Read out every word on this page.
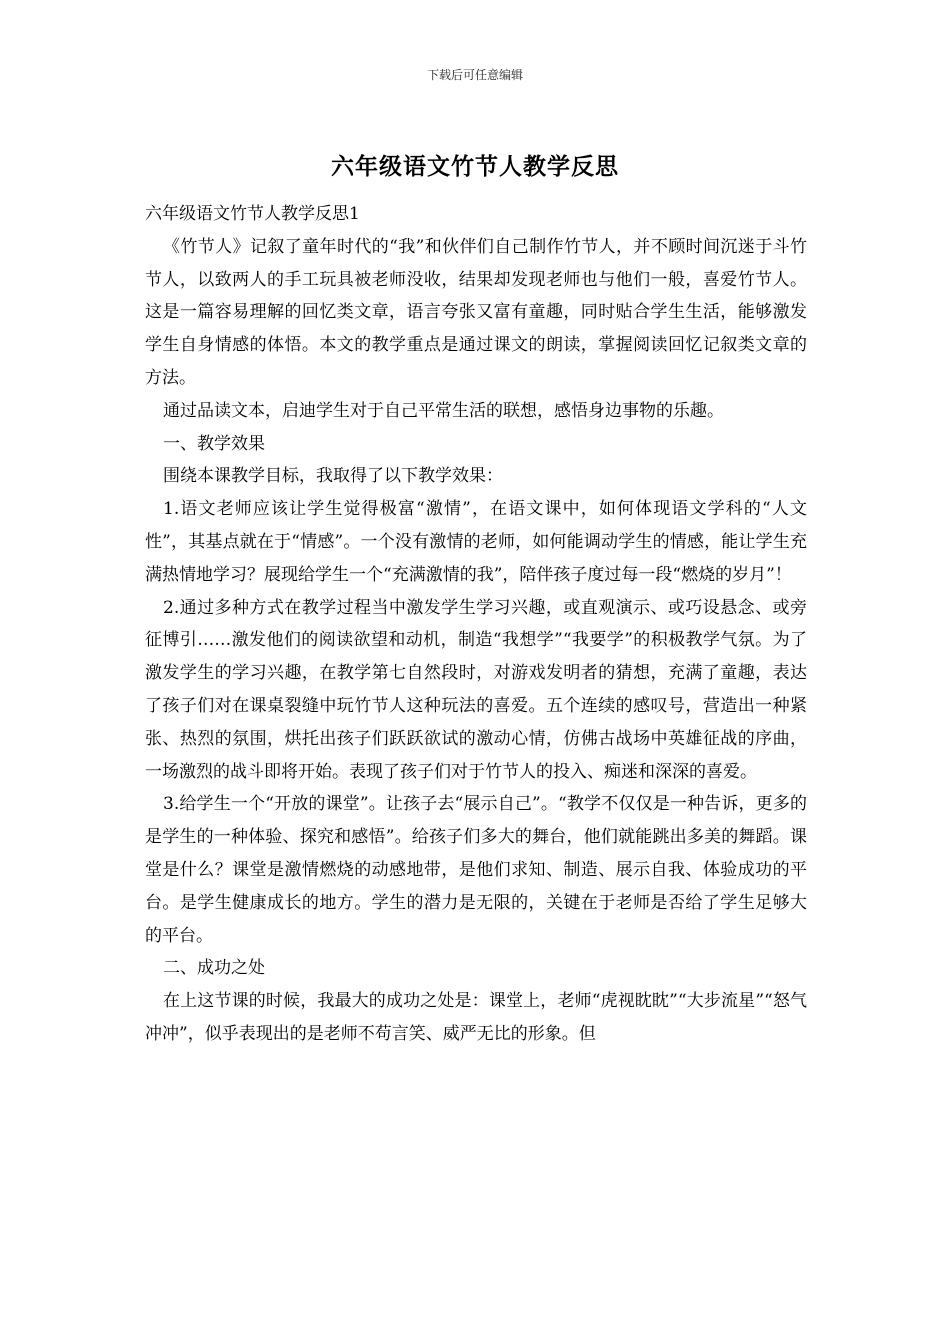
下载后可任意编辑
六年级语文竹节人教学反思

六年级语文竹节人教学反思1

《竹节人》记叙了童年时代的“我”和伙伴们自己制作竹节人，并不顾时间沉迷于斗竹节人，以致两人的手工玩具被老师没收，结果却发现老师也与他们一般，喜爱竹节人。这是一篇容易理解的回忆类文章，语言夸张又富有童趣，同时贴合学生生活，能够激发学生自身情感的体悟。本文的教学重点是通过课文的朗读，掌握阅读回忆记叙类文章的方法。

通过品读文本，启迪学生对于自己平常生活的联想，感悟身边事物的乐趣。

一、教学效果

围绕本课教学目标，我取得了以下教学效果：

1.语文老师应该让学生觉得极富“激情”，在语文课中，如何体现语文学科的“人文性”，其基点就在于“情感”。一个没有激情的老师，如何能调动学生的情感，能让学生充满热情地学习？展现给学生一个“充满激情的我”，陪伴孩子度过每一段“燃烧的岁月”！

2.通过多种方式在教学过程当中激发学生学习兴趣，或直观演示、或巧设悬念、或旁征博引……激发他们的阅读欲望和动机，制造“我想学”“我要学”的积极教学气氛。为了激发学生的学习兴趣，在教学第七自然段时，对游戏发明者的猜想，充满了童趣，表达了孩子们对在课桌裂缝中玩竹节人这种玩法的喜爱。五个连续的感叹号，营造出一种紧张、热烈的氛围，烘托出孩子们跃跃欲试的激动心情，仿佛古战场中英雄征战的序曲，一场激烈的战斗即将开始。表现了孩子们对于竹节人的投入、痴迷和深深的喜爱。

3.给学生一个“开放的课堂”。让孩子去“展示自己”。“教学不仅仅是一种告诉，更多的是学生的一种体验、探究和感悟”。给孩子们多大的舞台，他们就能跳出多美的舞蹈。课堂是什么？课堂是激情燃烧的动感地带，是他们求知、制造、展示自我、体验成功的平台。是学生健康成长的地方。学生的潜力是无限的，关键在于老师是否给了学生足够大的平台。

二、成功之处

在上这节课的时候，我最大的成功之处是：课堂上，老师“虎视眈眈”“大步流星”“怒气冲冲”，似乎表现出的是老师不苟言笑、威严无比的形象。但
